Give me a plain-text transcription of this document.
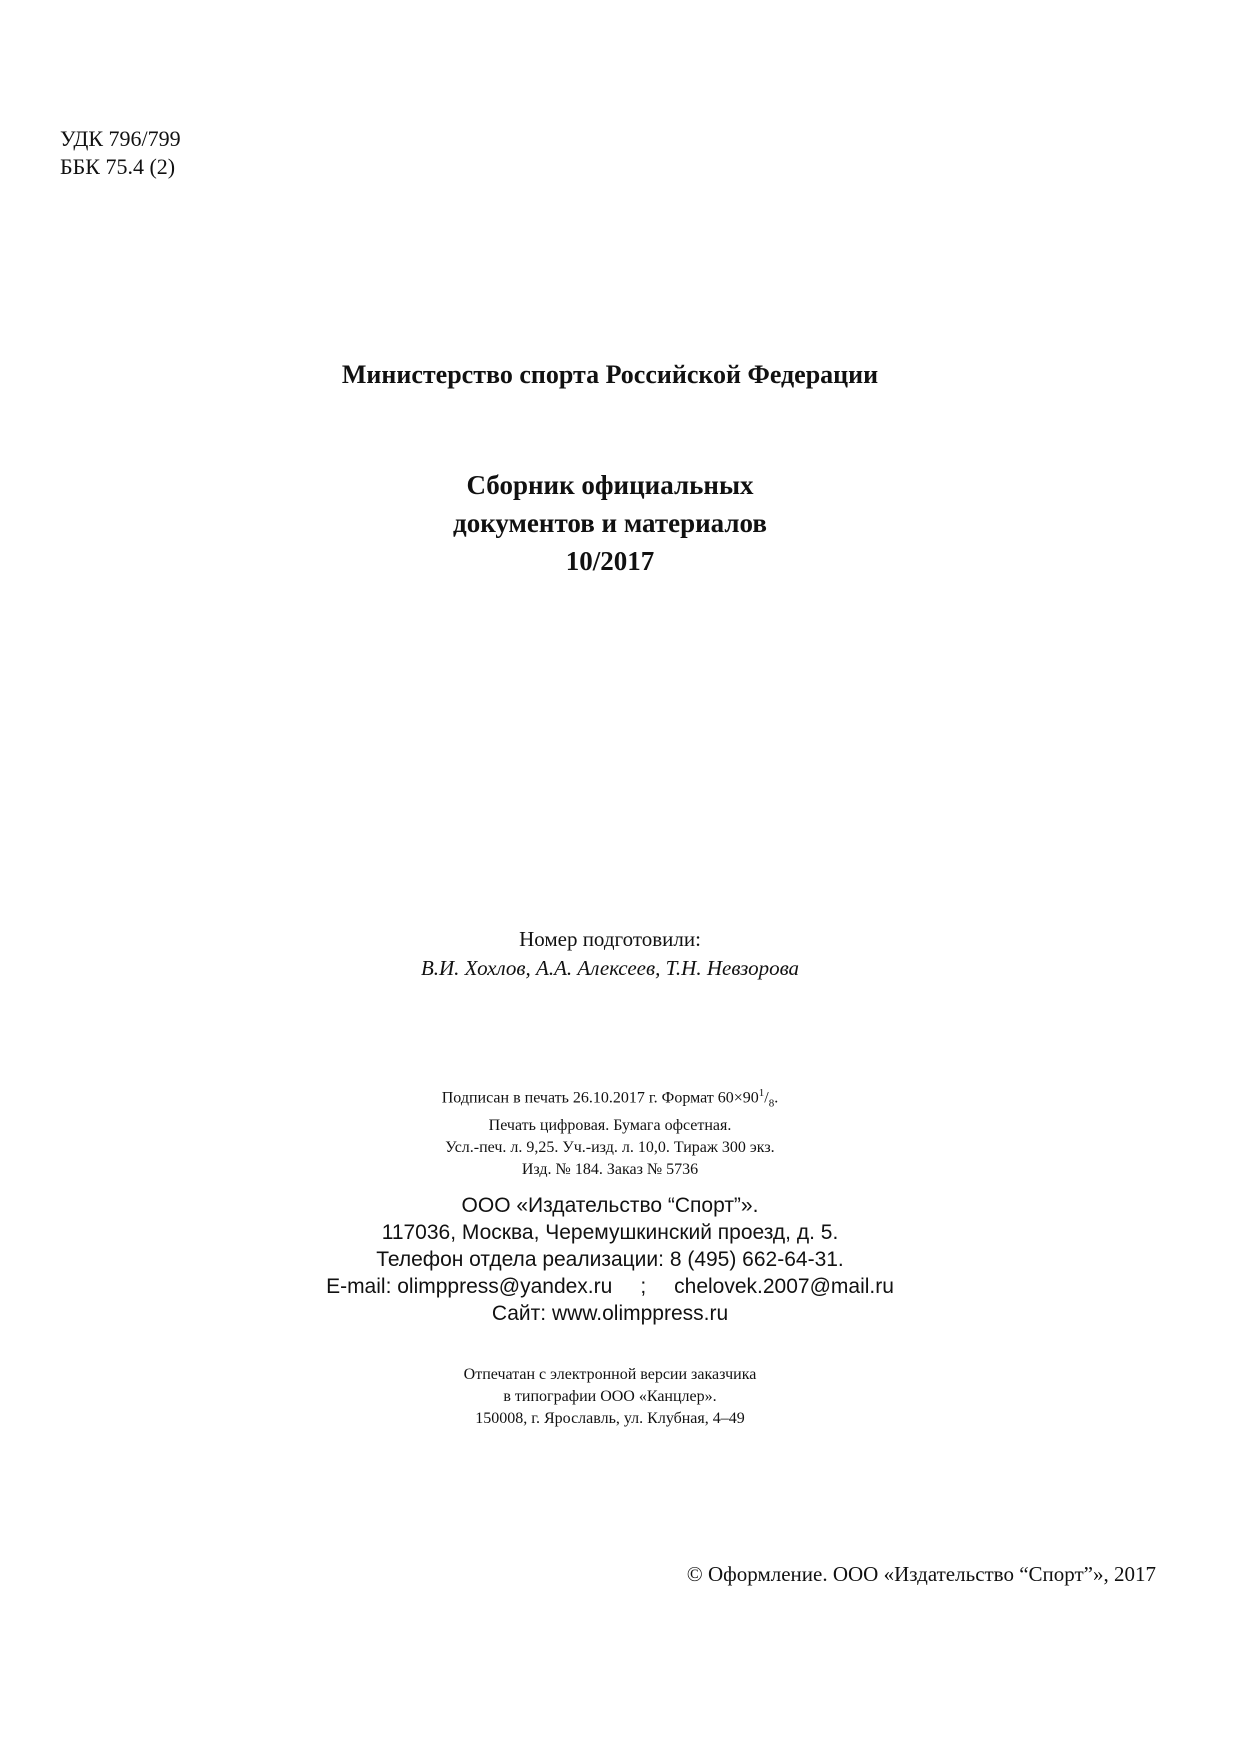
УДК 796/799
ББК 75.4 (2)
Министерство спорта Российской Федерации
Сборник официальных
документов и материалов
10/2017
Номер подготовили:
В.И. Хохлов, А.А. Алексеев, Т.Н. Невзорова
Подписан в печать 26.10.2017 г. Формат $60\times 90^1/_8$.
Печать цифровая. Бумага офсетная.
Усл.-печ. л. 9,25. Уч.-изд. л. 10,0. Тираж 300 экз.
Изд. № 184. Заказ № 5736
ООО «Издательство “Спорт”».
117036, Москва, Черемушкинский проезд, д. 5.
Телефон отдела реализации: 8 (495) 662-64-31.
E-mail: olimppress@yandex.ru ; chelovek.2007@mail.ru
Сайт: www.olimppress.ru
Отпечатан с электронной версии заказчика
в типографии ООО «Канцлер».
150008, г. Ярославль, ул. Клубная, 4–49
© Оформление. ООО «Издательство “Спорт”», 2017
